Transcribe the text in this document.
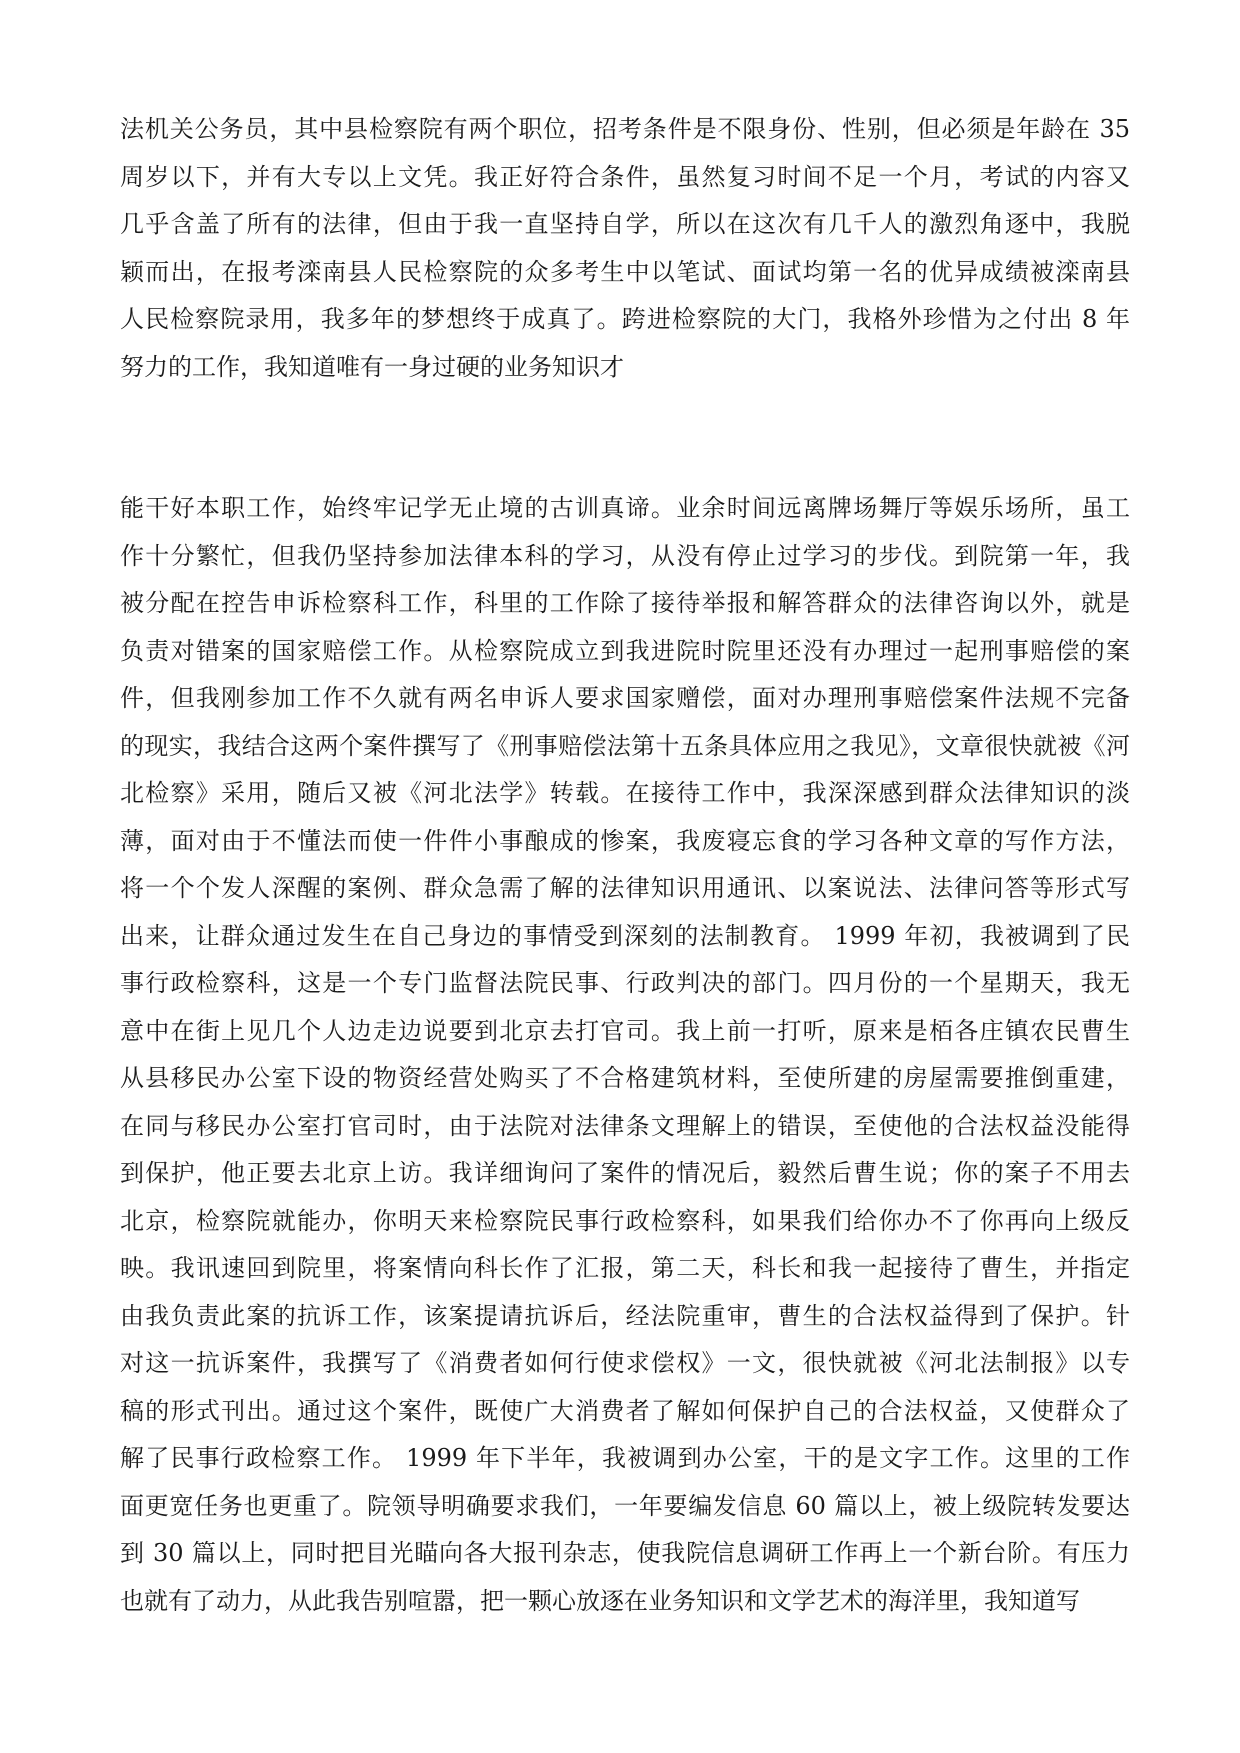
法机关公务员，其中县检察院有两个职位，招考条件是不限身份、性别，但必须是年龄在 35
周岁以下，并有大专以上文凭。我正好符合条件，虽然复习时间不足一个月，考试的内容又
几乎含盖了所有的法律，但由于我一直坚持自学，所以在这次有几千人的激烈角逐中，我脱
颖而出，在报考滦南县人民检察院的众多考生中以笔试、面试均第一名的优异成绩被滦南县
人民检察院录用，我多年的梦想终于成真了。跨进检察院的大门，我格外珍惜为之付出 8 年
努力的工作，我知道唯有一身过硬的业务知识才
能干好本职工作，始终牢记学无止境的古训真谛。业余时间远离牌场舞厅等娱乐场所，虽工
作十分繁忙，但我仍坚持参加法律本科的学习，从没有停止过学习的步伐。到院第一年，我
被分配在控告申诉检察科工作，科里的工作除了接待举报和解答群众的法律咨询以外，就是
负责对错案的国家赔偿工作。从检察院成立到我进院时院里还没有办理过一起刑事赔偿的案
件，但我刚参加工作不久就有两名申诉人要求国家赠偿，面对办理刑事赔偿案件法规不完备
的现实，我结合这两个案件撰写了《刑事赔偿法第十五条具体应用之我见》，文章很快就被《河
北检察》采用，随后又被《河北法学》转载。在接待工作中，我深深感到群众法律知识的淡
薄，面对由于不懂法而使一件件小事酿成的惨案，我废寝忘食的学习各种文章的写作方法，
将一个个发人深醒的案例、群众急需了解的法律知识用通讯、以案说法、法律问答等形式写
出来，让群众通过发生在自己身边的事情受到深刻的法制教育。 1999 年初，我被调到了民
事行政检察科，这是一个专门监督法院民事、行政判决的部门。四月份的一个星期天，我无
意中在街上见几个人边走边说要到北京去打官司。我上前一打听，原来是栢各庄镇农民曹生
从县移民办公室下设的物资经营处购买了不合格建筑材料，至使所建的房屋需要推倒重建，
在同与移民办公室打官司时，由于法院对法律条文理解上的错误，至使他的合法权益没能得
到保护，他正要去北京上访。我详细询问了案件的情况后，毅然后曹生说；你的案子不用去
北京，检察院就能办，你明天来检察院民事行政检察科，如果我们给你办不了你再向上级反
映。我讯速回到院里，将案情向科长作了汇报，第二天，科长和我一起接待了曹生，并指定
由我负责此案的抗诉工作，该案提请抗诉后，经法院重审，曹生的合法权益得到了保护。针
对这一抗诉案件，我撰写了《消费者如何行使求偿权》一文，很快就被《河北法制报》以专
稿的形式刊出。通过这个案件，既使广大消费者了解如何保护自己的合法权益，又使群众了
解了民事行政检察工作。 1999 年下半年，我被调到办公室，干的是文字工作。这里的工作
面更宽任务也更重了。院领导明确要求我们，一年要编发信息 60 篇以上，被上级院转发要达
到 30 篇以上，同时把目光瞄向各大报刊杂志，使我院信息调研工作再上一个新台阶。有压力
也就有了动力，从此我告别喧嚣，把一颗心放逐在业务知识和文学艺术的海洋里，我知道写
